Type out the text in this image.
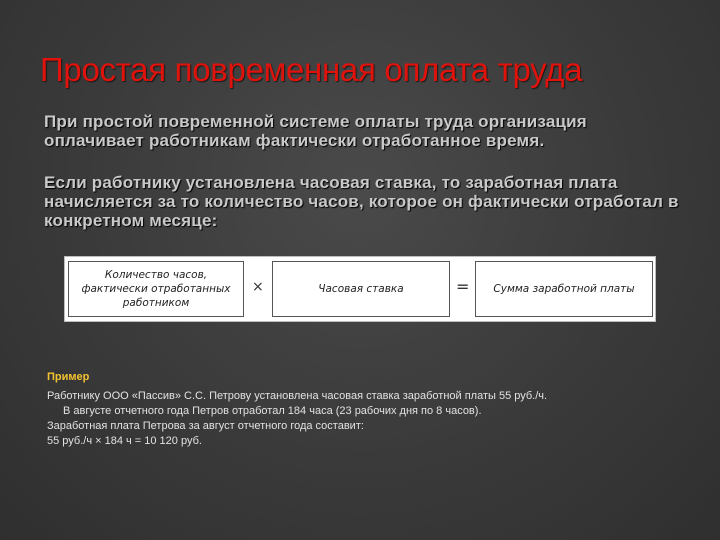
Простая повременная оплата труда
При простой повременной системе оплаты труда организация оплачивает работникам фактически отработанное время.
Если работнику установлена часовая ставка, то заработная плата начисляется за то количество часов, которое он фактически отработал в конкретном месяце:
Количество часов, фактически отработанных работником
×	Часовая ставка	= Сумма заработной платы
Пример
Работнику ООО «Пассив» С.С. Петрову установлена часовая ставка заработной платы 55 руб./ч.
В августе отчетного года Петров отработал 184 часа (23 рабочих дня по 8 часов).
Заработная плата Петрова за август отчетного года составит:
55 руб./ч × 184 ч = 10 120 руб.
